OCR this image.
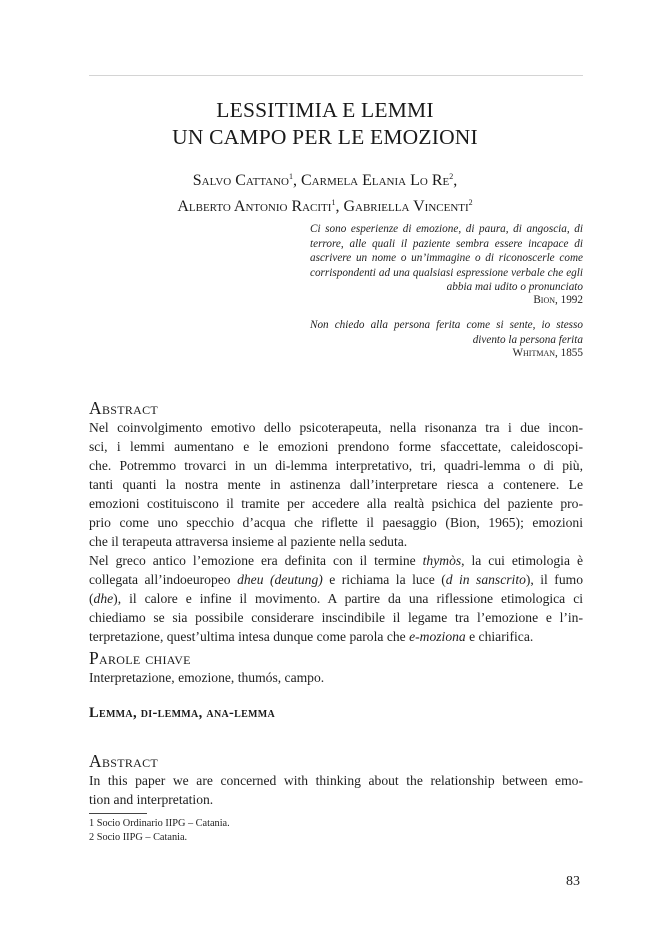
LESSITIMIA E LEMMI
UN CAMPO PER LE EMOZIONI
Salvo Cattano$^1$, Carmela Elania Lo Re$^2$,
Alberto Antonio Raciti$^1$, Gabriella Vincenti$^2$
Ci sono esperienze di emozione, di paura, di angoscia, di terrore, alle quali il paziente sembra essere incapace di ascrivere un nome o un’immagine o di riconoscerle come corrispondenti ad una qualsiasi espressione verbale che egli abbia mai udito o pronunciato
Bion, 1992
Non chiedo alla persona ferita come si sente, io stesso divento la persona ferita
Whitman, 1855
Abstract
Nel coinvolgimento emotivo dello psicoterapeuta, nella risonanza tra i due incon-
sci, i lemmi aumentano e le emozioni prendono forme sfaccettate, caleidoscopi-
che. Potremmo trovarci in un di-lemma interpretativo, tri, quadri-lemma o di più,
tanti quanti la nostra mente in astinenza dall’interpretare riesca a contenere. Le
emozioni costituiscono il tramite per accedere alla realtà psichica del paziente pro-
prio come uno specchio d’acqua che riflette il paesaggio (Bion, 1965); emozioni
che il terapeuta attraversa insieme al paziente nella seduta.
Nel greco antico l’emozione era definita con il termine thymòs, la cui etimologia è
collegata all’indoeuropeo dheu (deutung) e richiama la luce (d in sanscrito), il fumo
(dhe), il calore e infine il movimento. A partire da una riflessione etimologica ci
chiediamo se sia possibile considerare inscindibile il legame tra l’emozione e l’in-
terpretazione, quest’ultima intesa dunque come parola che e-moziona e chiarifica.
Parole chiave
Interpretazione, emozione, thumós, campo.
Lemma, di-lemma, ana-lemma
Abstract
In this paper we are concerned with thinking about the relationship between emo-
tion and interpretation.
1 Socio Ordinario IIPG – Catania.
2 Socio IIPG – Catania.
83
